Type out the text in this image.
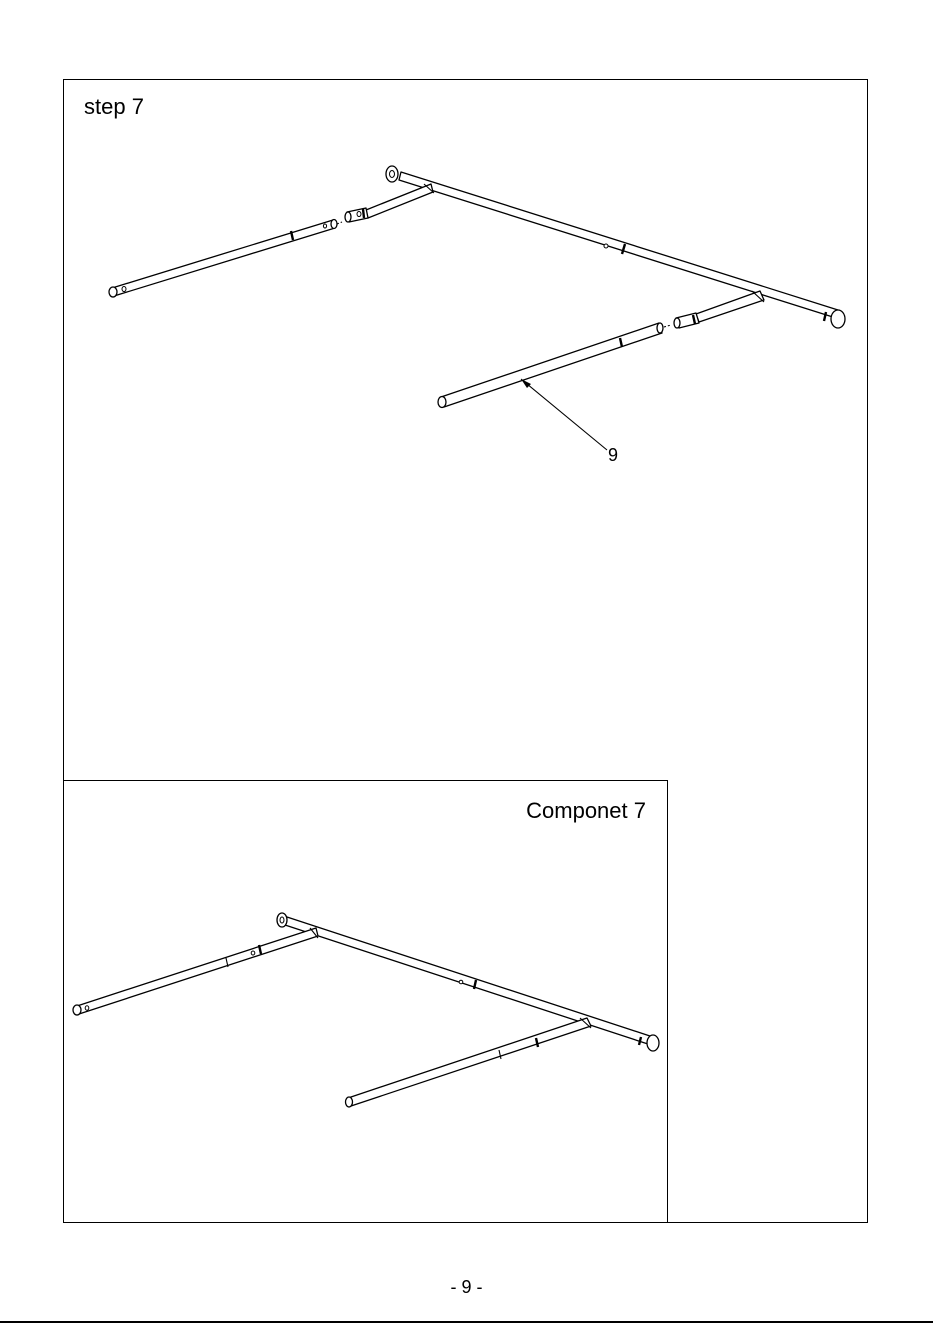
step 7
9
Componet 7
- 9 -
